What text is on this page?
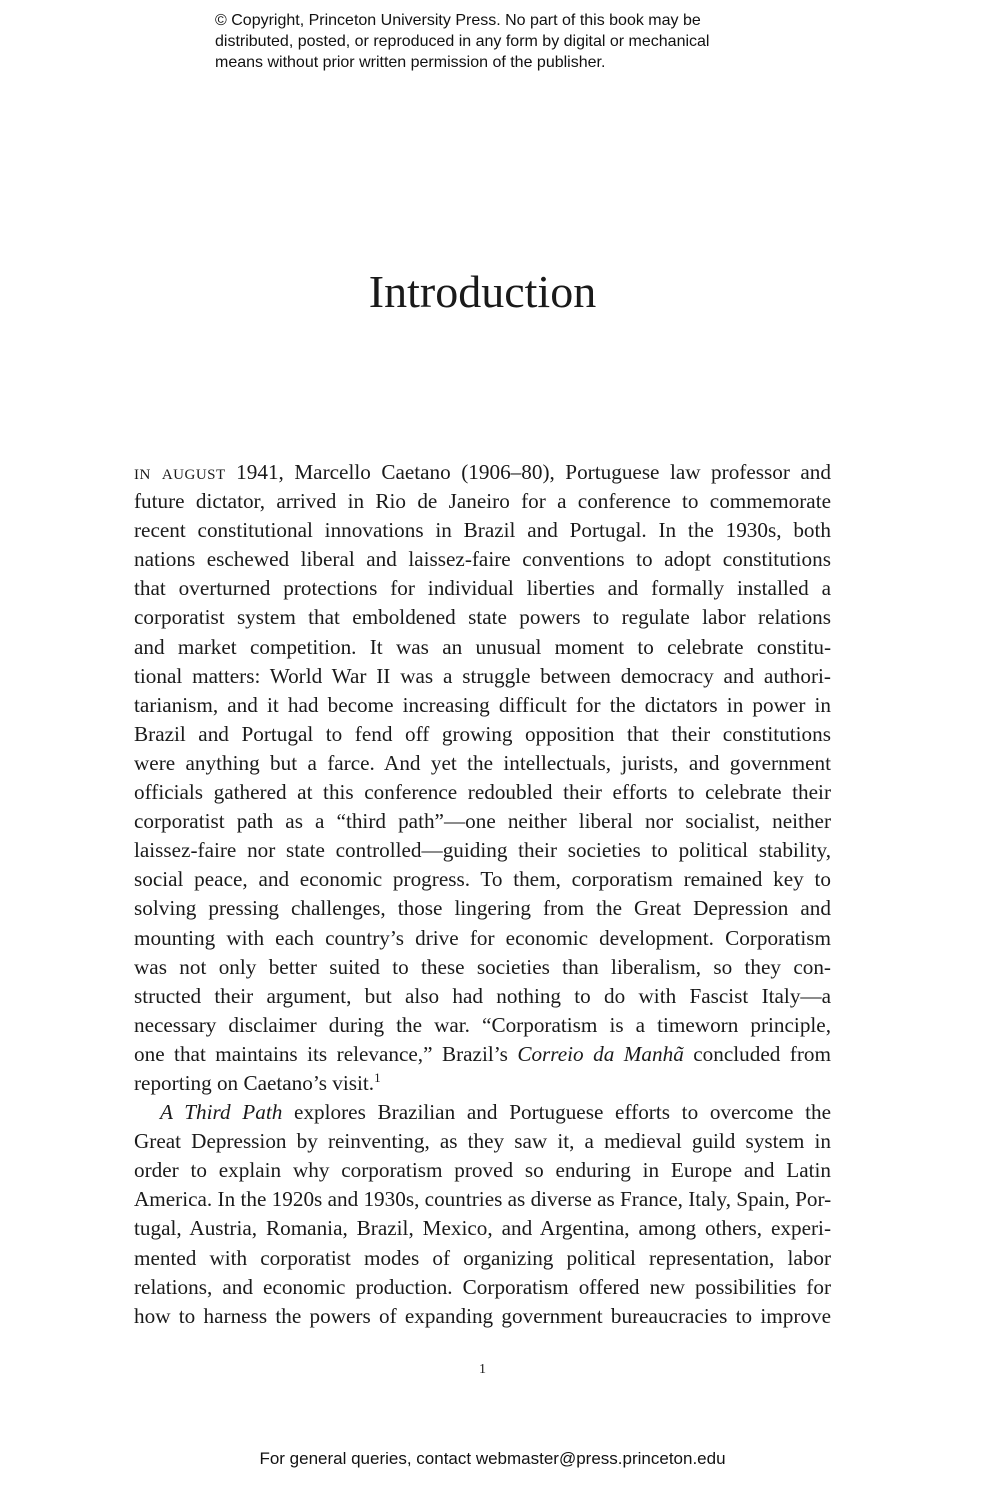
© Copyright, Princeton University Press. No part of this book may be
distributed, posted, or reproduced in any form by digital or mechanical
means without prior written permission of the publisher.
Introduction
in august 1941, Marcello Caetano (1906–80), Portuguese law professor and
future dictator, arrived in Rio de Janeiro for a conference to commemorate
recent constitutional innovations in Brazil and Portugal. In the 1930s, both
nations eschewed liberal and laissez-faire conventions to adopt constitutions
that overturned protections for individual liberties and formally installed a
corporatist system that emboldened state powers to regulate labor relations
and market competition. It was an unusual moment to celebrate constitu-
tional matters: World War II was a struggle between democracy and authori-
tarianism, and it had become increasing difficult for the dictators in power in
Brazil and Portugal to fend off growing opposition that their constitutions
were anything but a farce. And yet the intellectuals, jurists, and government
officials gathered at this conference redoubled their efforts to celebrate their
corporatist path as a “third path”—one neither liberal nor socialist, neither
laissez-faire nor state controlled—guiding their societies to political stability,
social peace, and economic progress. To them, corporatism remained key to
solving pressing challenges, those lingering from the Great Depression and
mounting with each country’s drive for economic development. Corporatism
was not only better suited to these societies than liberalism, so they con-
structed their argument, but also had nothing to do with Fascist Italy—a
necessary disclaimer during the war. “Corporatism is a timeworn principle,
one that maintains its relevance,” Brazil’s Correio da Manhã concluded from
reporting on Caetano’s visit.$^1$
A Third Path explores Brazilian and Portuguese efforts to overcome the
Great Depression by reinventing, as they saw it, a medieval guild system in
order to explain why corporatism proved so enduring in Europe and Latin
America. In the 1920s and 1930s, countries as diverse as France, Italy, Spain, Por-
tugal, Austria, Romania, Brazil, Mexico, and Argentina, among others, experi-
mented with corporatist modes of organizing political representation, labor
relations, and economic production. Corporatism offered new possibilities for
how to harness the powers of expanding government bureaucracies to improve
1
For general queries, contact webmaster@press.princeton.edu
